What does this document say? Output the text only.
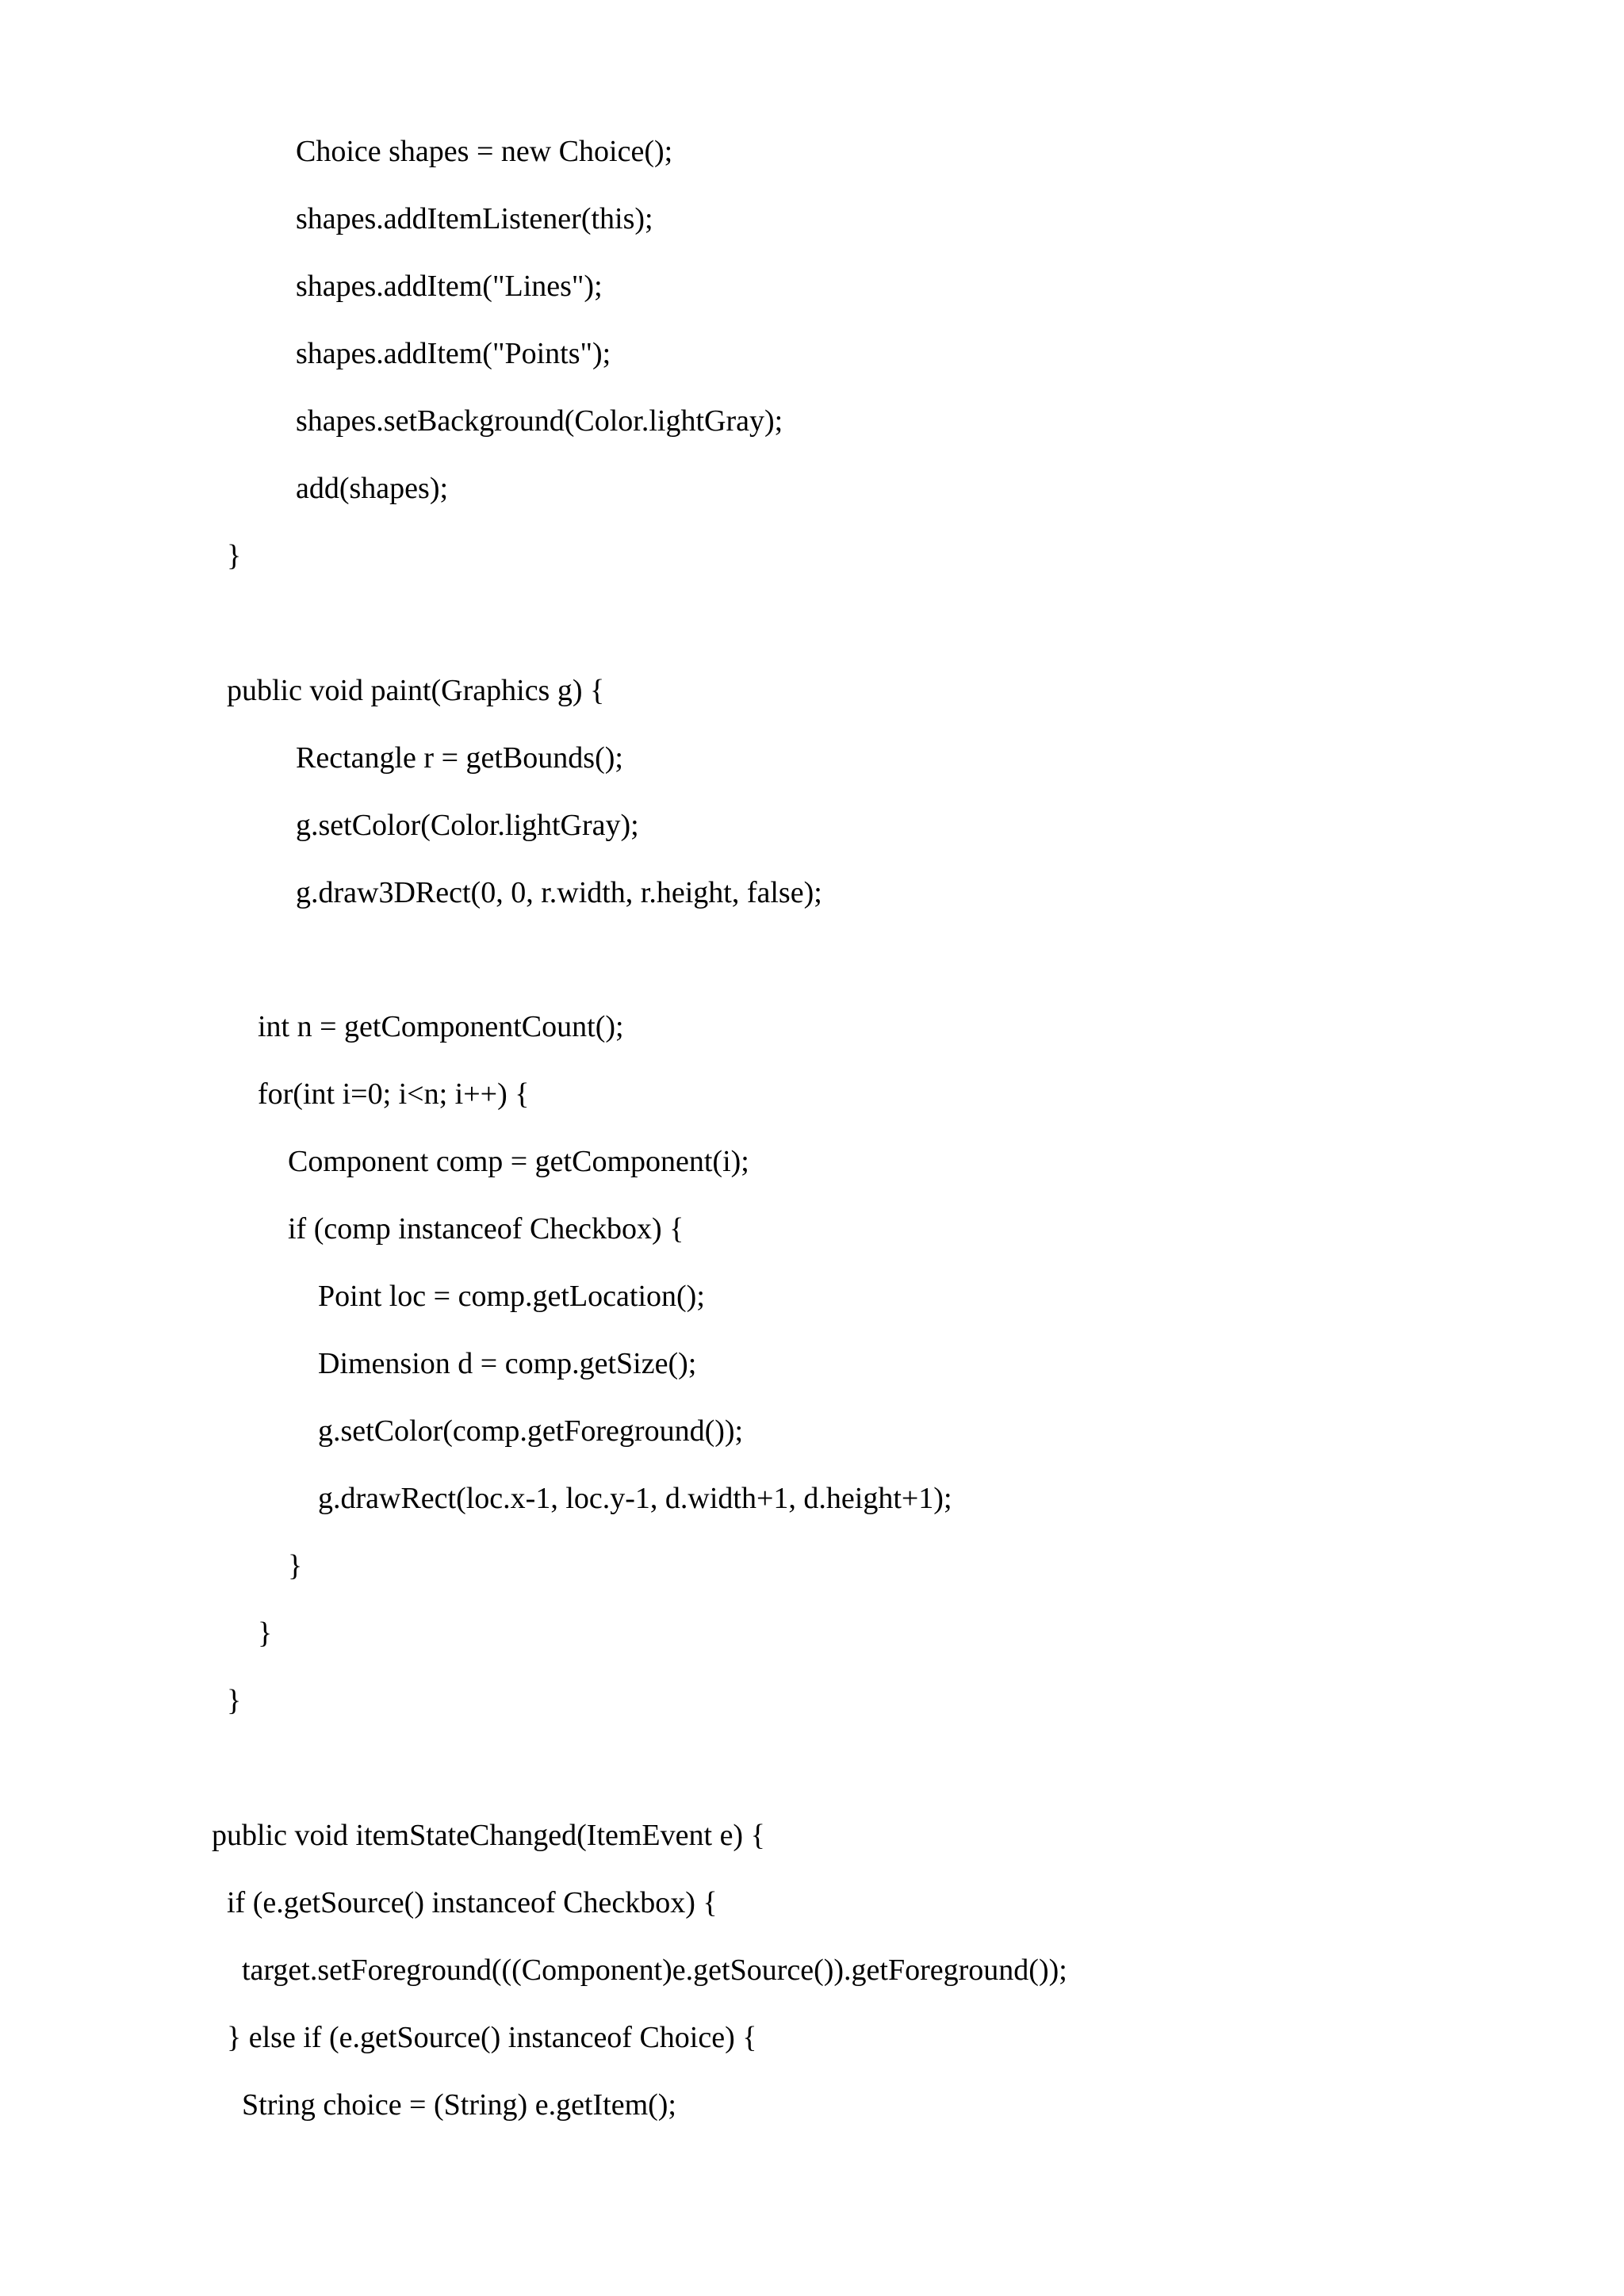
Choice shapes = new Choice();

shapes.addItemListener(this);

shapes.addItem("Lines");

shapes.addItem("Points");

shapes.setBackground(Color.lightGray);

add(shapes);

}

public void paint(Graphics g) {

Rectangle r = getBounds();

g.setColor(Color.lightGray);

g.draw3DRect(0, 0, r.width, r.height, false);

int n = getComponentCount();

for(int i=0; i<n; i++) {

Component comp = getComponent(i);

if (comp instanceof Checkbox) {

Point loc = comp.getLocation();

Dimension d = comp.getSize();

g.setColor(comp.getForeground());

g.drawRect(loc.x-1, loc.y-1, d.width+1, d.height+1);

}

}

}

public void itemStateChanged(ItemEvent e) {

if (e.getSource() instanceof Checkbox) {

target.setForeground(((Component)e.getSource()).getForeground());

} else if (e.getSource() instanceof Choice) {

String choice = (String) e.getItem();
